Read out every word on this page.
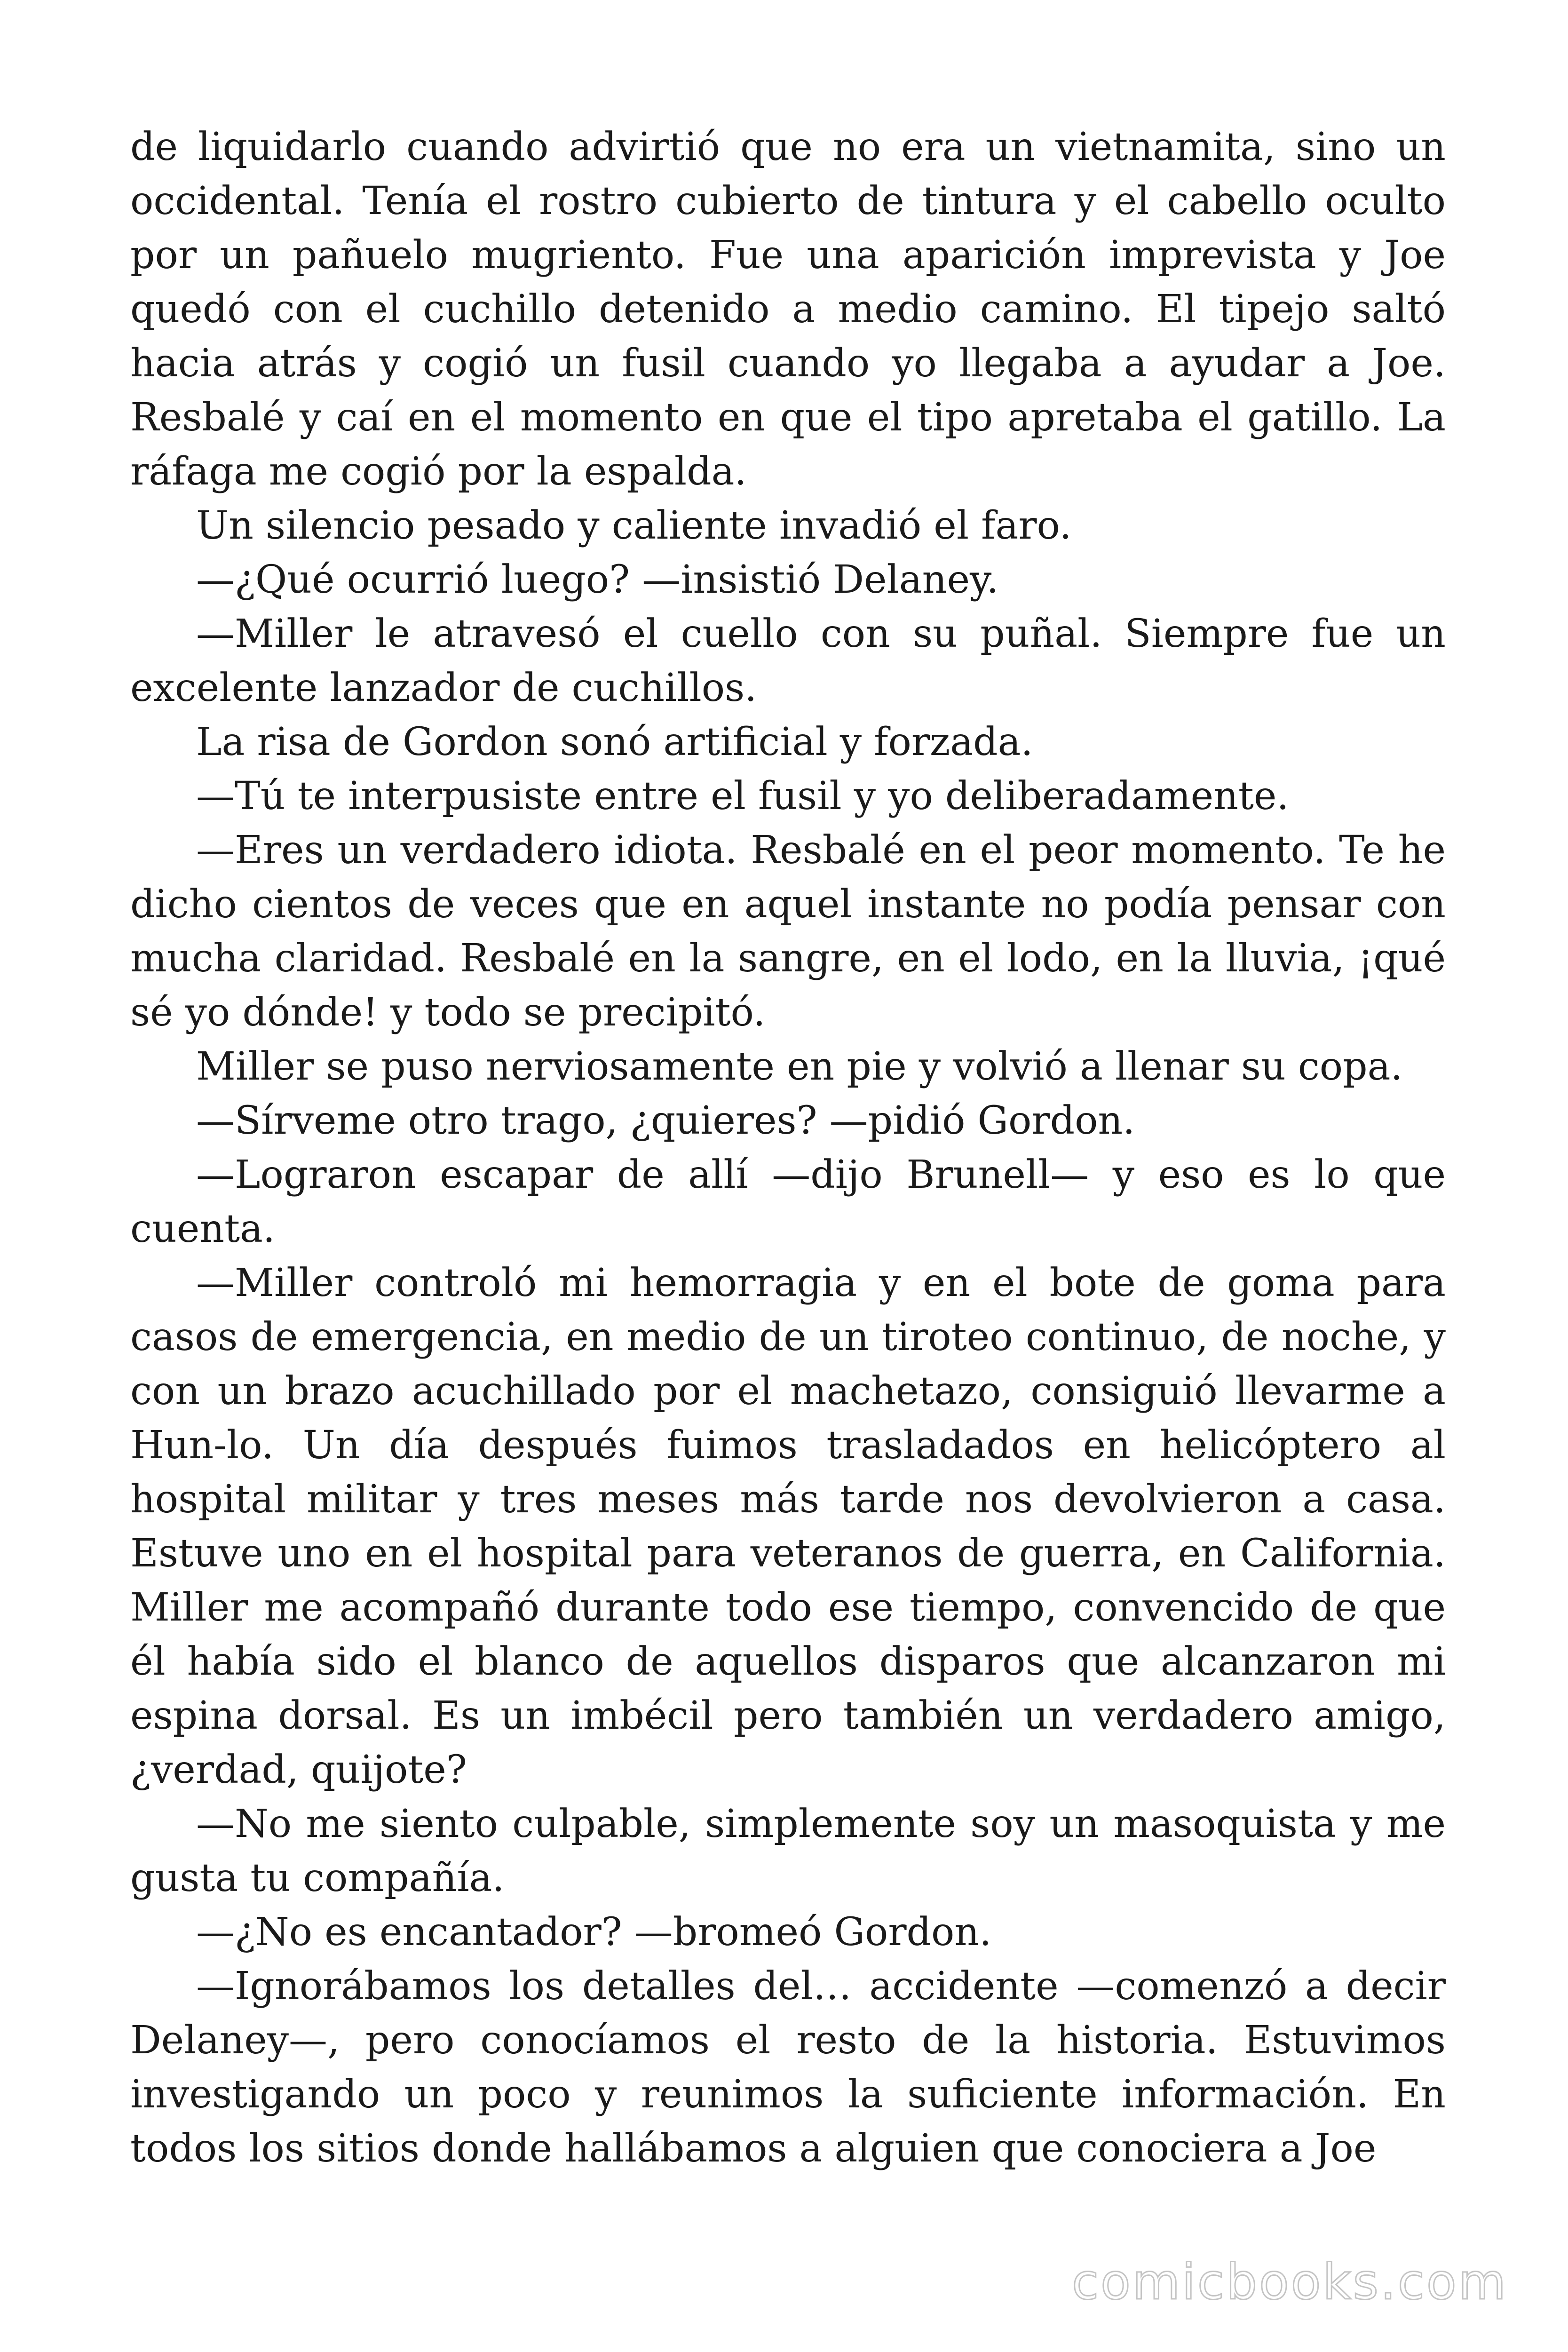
de liquidarlo cuando advirtió que no era un vietnamita, sino un occidental. Tenía el rostro cubierto de tintura y el cabello oculto por un pañuelo mugriento. Fue una aparición imprevista y Joe quedó con el cuchillo detenido a medio camino. El tipejo saltó hacia atrás y cogió un fusil cuando yo llegaba a ayudar a Joe. Resbalé y caí en el momento en que el tipo apretaba el gatillo. La ráfaga me cogió por la espalda.

Un silencio pesado y caliente invadió el faro.

—¿Qué ocurrió luego? —insistió Delaney.

—Miller le atravesó el cuello con su puñal. Siempre fue un excelente lanzador de cuchillos.

La risa de Gordon sonó artificial y forzada.

—Tú te interpusiste entre el fusil y yo deliberadamente.

—Eres un verdadero idiota. Resbalé en el peor momento. Te he dicho cientos de veces que en aquel instante no podía pensar con mucha claridad. Resbalé en la sangre, en el lodo, en la lluvia, ¡qué sé yo dónde! y todo se precipitó.

Miller se puso nerviosamente en pie y volvió a llenar su copa.

—Sírveme otro trago, ¿quieres? —pidió Gordon.

—Lograron escapar de allí —dijo Brunell— y eso es lo que cuenta.

—Miller controló mi hemorragia y en el bote de goma para casos de emergencia, en medio de un tiroteo continuo, de noche, y con un brazo acuchillado por el machetazo, consiguió llevarme a Hun-lo. Un día después fuimos trasladados en helicóptero al hospital militar y tres meses más tarde nos devolvieron a casa. Estuve uno en el hospital para veteranos de guerra, en California. Miller me acompañó durante todo ese tiempo, convencido de que él había sido el blanco de aquellos disparos que alcanzaron mi espina dorsal. Es un imbécil pero también un verdadero amigo, ¿verdad, quijote?

—No me siento culpable, simplemente soy un masoquista y me gusta tu compañía.

—¿No es encantador? —bromeó Gordon.

—Ignorábamos los detalles del… accidente —comenzó a decir Delaney—, pero conocíamos el resto de la historia. Estuvimos investigando un poco y reunimos la suficiente información. En todos los sitios donde hallábamos a alguien que conociera a Joe

comicbooks.com
